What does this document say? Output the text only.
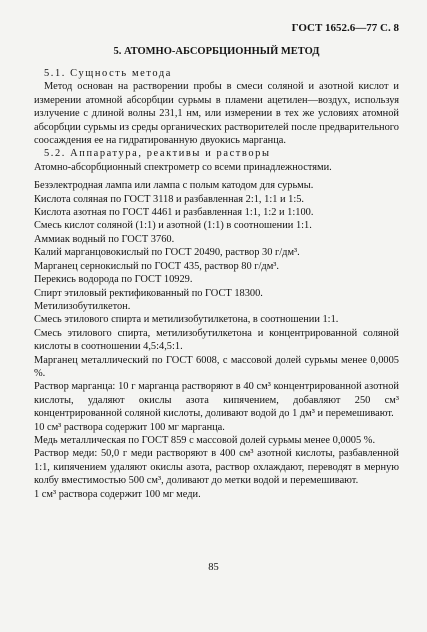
ГОСТ 1652.6—77 С. 8
5. АТОМНО-АБСОРБЦИОННЫЙ МЕТОД

5.1. Сущность метода

Метод основан на растворении пробы в смеси соляной и азотной кислот и измерении атомной абсорбции сурьмы в пламени ацетилен—воздух, используя излучение с длиной волны 231,1 нм, или измерении в тех же условиях атомной абсорбции сурьмы из среды органических растворителей после предварительного соосаждения ее на гидратированную двуокись марганца.

5.2. Аппаратура, реактивы и растворы

Атомно-абсорбционный спектрометр со всеми принадлежностями.

Безэлектродная лампа или лампа с полым катодом для сурьмы.

Кислота соляная по ГОСТ 3118 и разбавленная 2:1, 1:1 и 1:5.

Кислота азотная по ГОСТ 4461 и разбавленная 1:1, 1:2 и 1:100.

Смесь кислот соляной (1:1) и азотной (1:1) в соотношении 1:1.

Аммиак водный по ГОСТ 3760.

Калий марганцовокислый по ГОСТ 20490, раствор 30 г/дм³.

Марганец сернокислый по ГОСТ 435, раствор 80 г/дм³.

Перекись водорода по ГОСТ 10929.

Спирт этиловый ректификованный по ГОСТ 18300.

Метилизобутилкетон.

Смесь этилового спирта и метилизобутилкетона, в соотношении 1:1.

Смесь этилового спирта, метилизобутилкетона и концентрированной соляной кислоты в соотношении 4,5:4,5:1.

Марганец металлический по ГОСТ 6008, с массовой долей сурьмы менее 0,0005 %.

Раствор марганца: 10 г марганца растворяют в 40 см³ концентрированной азотной кислоты, удаляют окислы азота кипячением, добавляют 250 см³ концентрированной соляной кислоты, доливают водой до 1 дм³ и перемешивают.

10 см³ раствора содержит 100 мг марганца.

Медь металлическая по ГОСТ 859 с массовой долей сурьмы менее 0,0005 %.

Раствор меди: 50,0 г меди растворяют в 400 см³ азотной кислоты, разбавленной 1:1, кипячением удаляют окислы азота, раствор охлаждают, переводят в мерную колбу вместимостью 500 см³, доливают до метки водой и перемешивают.

1 см³ раствора содержит 100 мг меди.

85
